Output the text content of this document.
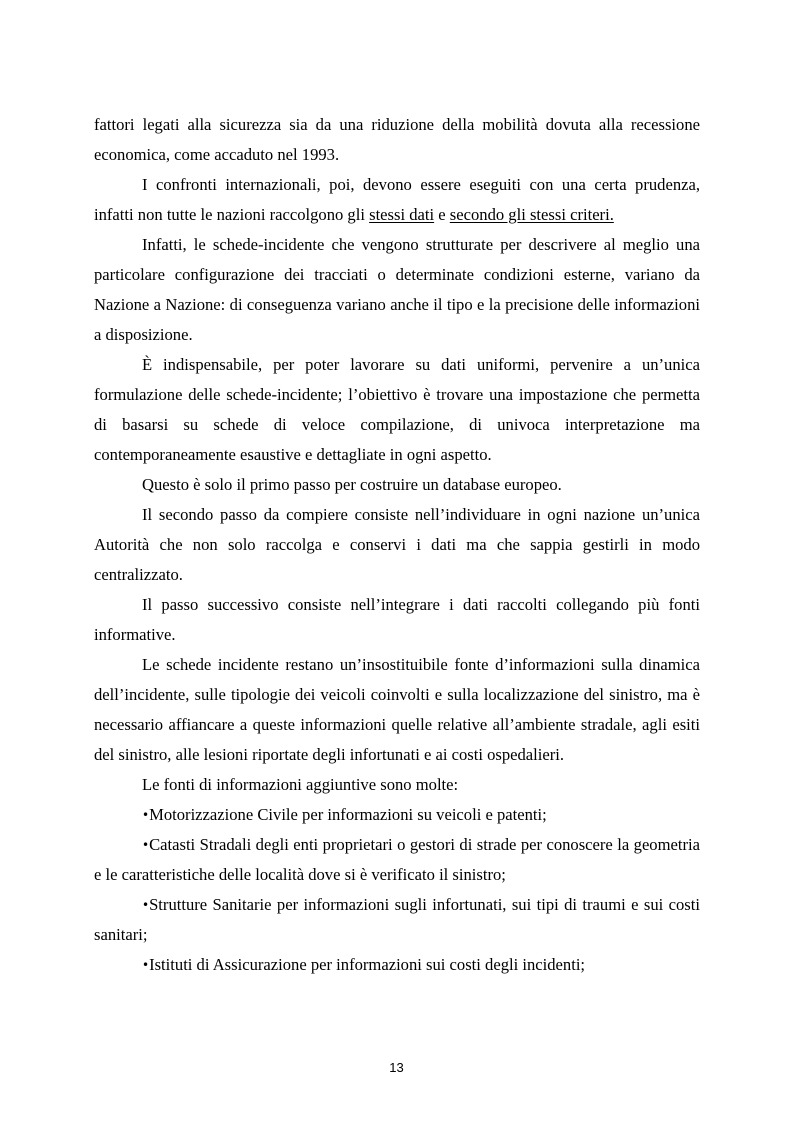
fattori legati alla sicurezza sia da una riduzione della mobilità dovuta alla recessione economica, come accaduto nel 1993.

I confronti internazionali, poi, devono essere eseguiti con una certa prudenza, infatti non tutte le nazioni raccolgono gli stessi dati e secondo gli stessi criteri.

Infatti, le schede-incidente che vengono strutturate per descrivere al meglio una particolare configurazione dei tracciati o determinate condizioni esterne, variano da Nazione a Nazione: di conseguenza variano anche il tipo e la precisione delle informazioni a disposizione.

È indispensabile, per poter lavorare su dati uniformi, pervenire a un’unica formulazione delle schede-incidente; l’obiettivo è trovare una impostazione che permetta di basarsi su schede di veloce compilazione, di univoca interpretazione ma contemporaneamente esaustive e dettagliate in ogni aspetto.

Questo è solo il primo passo per costruire un database europeo.

Il secondo passo da compiere consiste nell’individuare in ogni nazione un’unica Autorità che non solo raccolga e conservi i dati ma che sappia gestirli in modo centralizzato.

Il passo successivo consiste nell’integrare i dati raccolti collegando più fonti informative.

Le schede incidente restano un’insostituibile fonte d’informazioni sulla dinamica dell’incidente, sulle tipologie dei veicoli coinvolti e sulla localizzazione del sinistro, ma è necessario affiancare a queste informazioni quelle relative all’ambiente stradale, agli esiti del sinistro, alle lesioni riportate degli infortunati e ai costi ospedalieri.

Le fonti di informazioni aggiuntive sono molte:

•Motorizzazione Civile per informazioni su veicoli e patenti;

•Catasti Stradali degli enti proprietari o gestori di strade per conoscere la geometria e le caratteristiche delle località dove si è verificato il sinistro;

•Strutture Sanitarie per informazioni sugli infortunati, sui tipi di traumi e sui costi sanitari;

•Istituti di Assicurazione per informazioni sui costi degli incidenti;

13
